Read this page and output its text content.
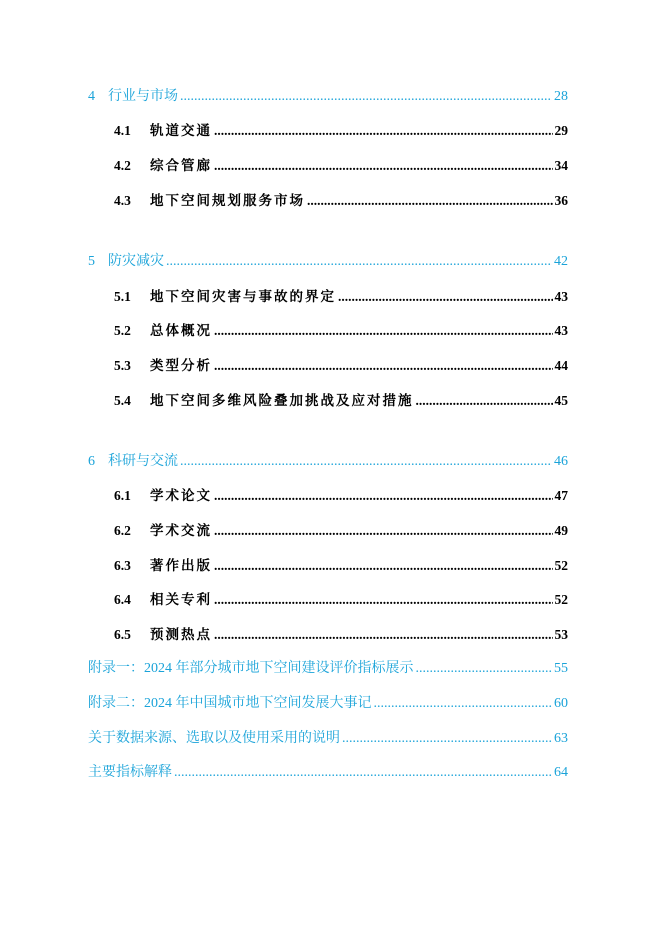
4 行业与市场 .....	28
4.1	轨道交通 .....	29
4.2	综合管廊 .....	34
4.3	地下空间规划服务市场 .....	36
5 防灾减灾 .....	42
5.1	地下空间灾害与事故的界定 .....	43
5.2	总体概况 .....	43
5.3	类型分析 .....	44
5.4	地下空间多维风险叠加挑战及应对措施 .....	45
6 科研与交流 .....	46
6.1	学术论文 .....	47
6.2	学术交流 .....	49
6.3	著作出版 .....	52
6.4	相关专利 .....	52
6.5	预测热点 .....	53
附录一：2024 年部分城市地下空间建设评价指标展示 .....	55
附录二：2024 年中国城市地下空间发展大事记 .....	60
关于数据来源、选取以及使用采用的说明 .....	63
主要指标解释 .....	64
